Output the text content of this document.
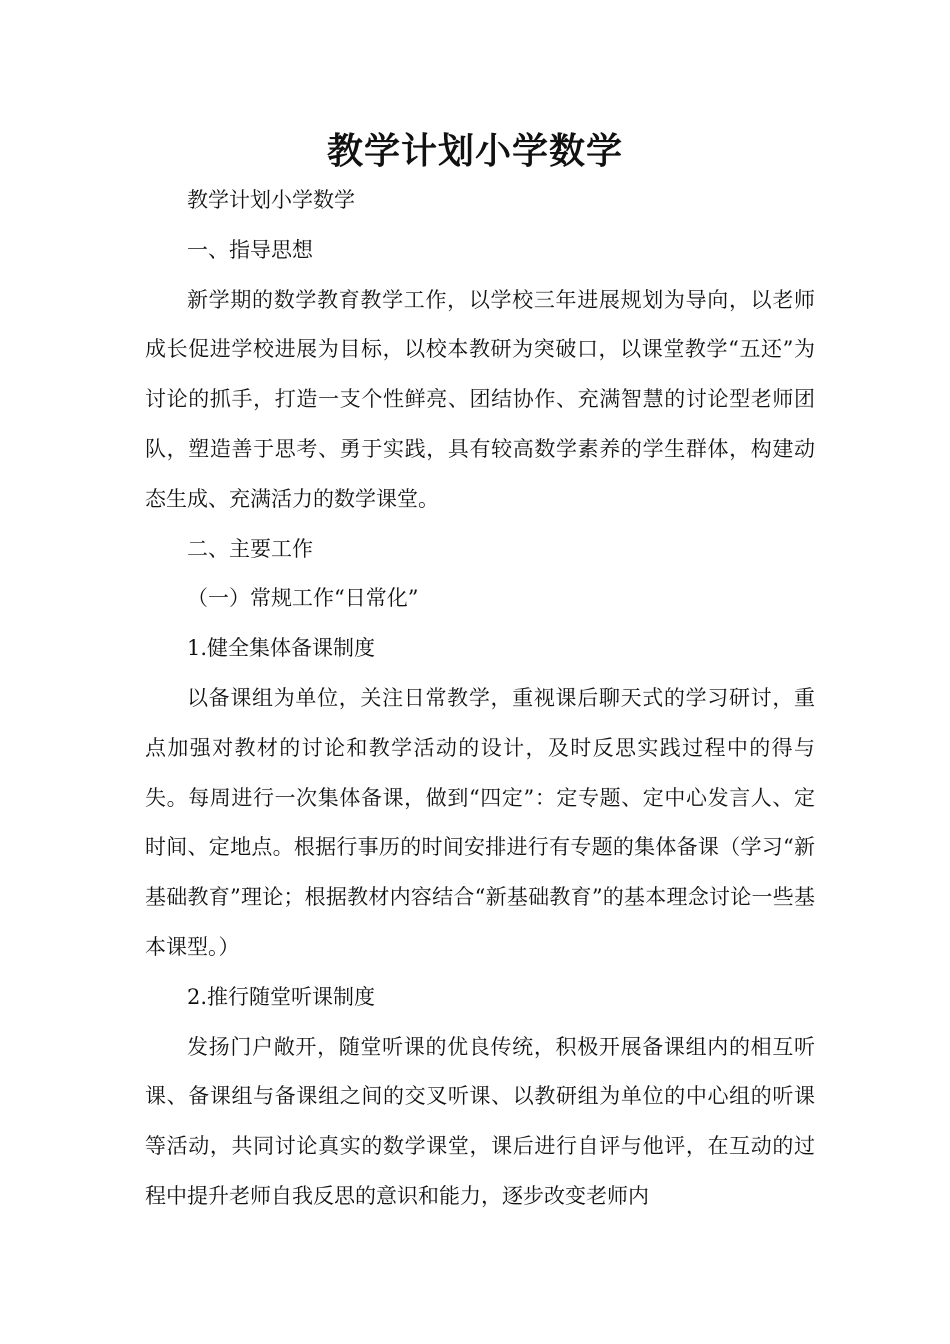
教学计划小学数学

教学计划小学数学

一、指导思想

新学期的数学教育教学工作，以学校三年进展规划为导向，以老师成长促进学校进展为目标，以校本教研为突破口，以课堂教学“五还”为讨论的抓手，打造一支个性鲜亮、团结协作、充满智慧的讨论型老师团队，塑造善于思考、勇于实践，具有较高数学素养的学生群体，构建动态生成、充满活力的数学课堂。

二、主要工作

（一）常规工作“日常化”

1.健全集体备课制度

以备课组为单位，关注日常教学，重视课后聊天式的学习研讨，重点加强对教材的讨论和教学活动的设计，及时反思实践过程中的得与失。每周进行一次集体备课，做到“四定”：定专题、定中心发言人、定时间、定地点。根据行事历的时间安排进行有专题的集体备课（学习“新基础教育”理论；根据教材内容结合“新基础教育”的基本理念讨论一些基本课型。）

2.推行随堂听课制度

发扬门户敞开，随堂听课的优良传统，积极开展备课组内的相互听课、备课组与备课组之间的交叉听课、以教研组为单位的中心组的听课等活动，共同讨论真实的数学课堂，课后进行自评与他评，在互动的过程中提升老师自我反思的意识和能力，逐步改变老师内
